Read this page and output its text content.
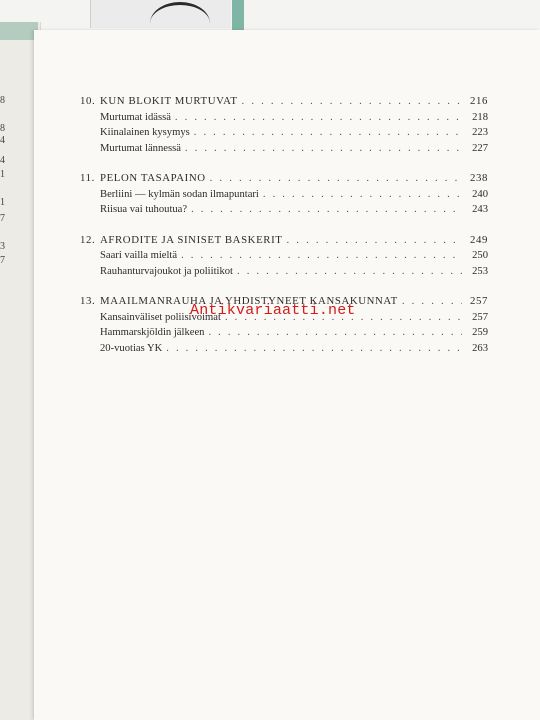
8
8
4
4
1
1
7
3
7
10. KUN BLOKIT MURTUVAT . . .	216
Murtumat idässä . . .	218
Kiinalainen kysymys . . .	223
Murtumat lännessä . . .	227
11. PELON TASAPAINO . . .	238
Berliini — kylmän sodan ilmapuntari . . .	240
Riisua vai tuhoutua? . . .	243
12. AFRODITE JA SINISET BASKERIT . . .	249
Saari vailla mieltä . . .	250
Rauhanturvajoukot ja poliitikot . . .	253
13. MAAILMANRAUHA JA YHDISTYNEET KANSAKUNNAT . . .	257
Kansainväliset poliisivoimat . . .	257
Hammarskjöldin jälkeen . . .	259
20-vuotias YK . . .	263
Antikvariaatti.net
